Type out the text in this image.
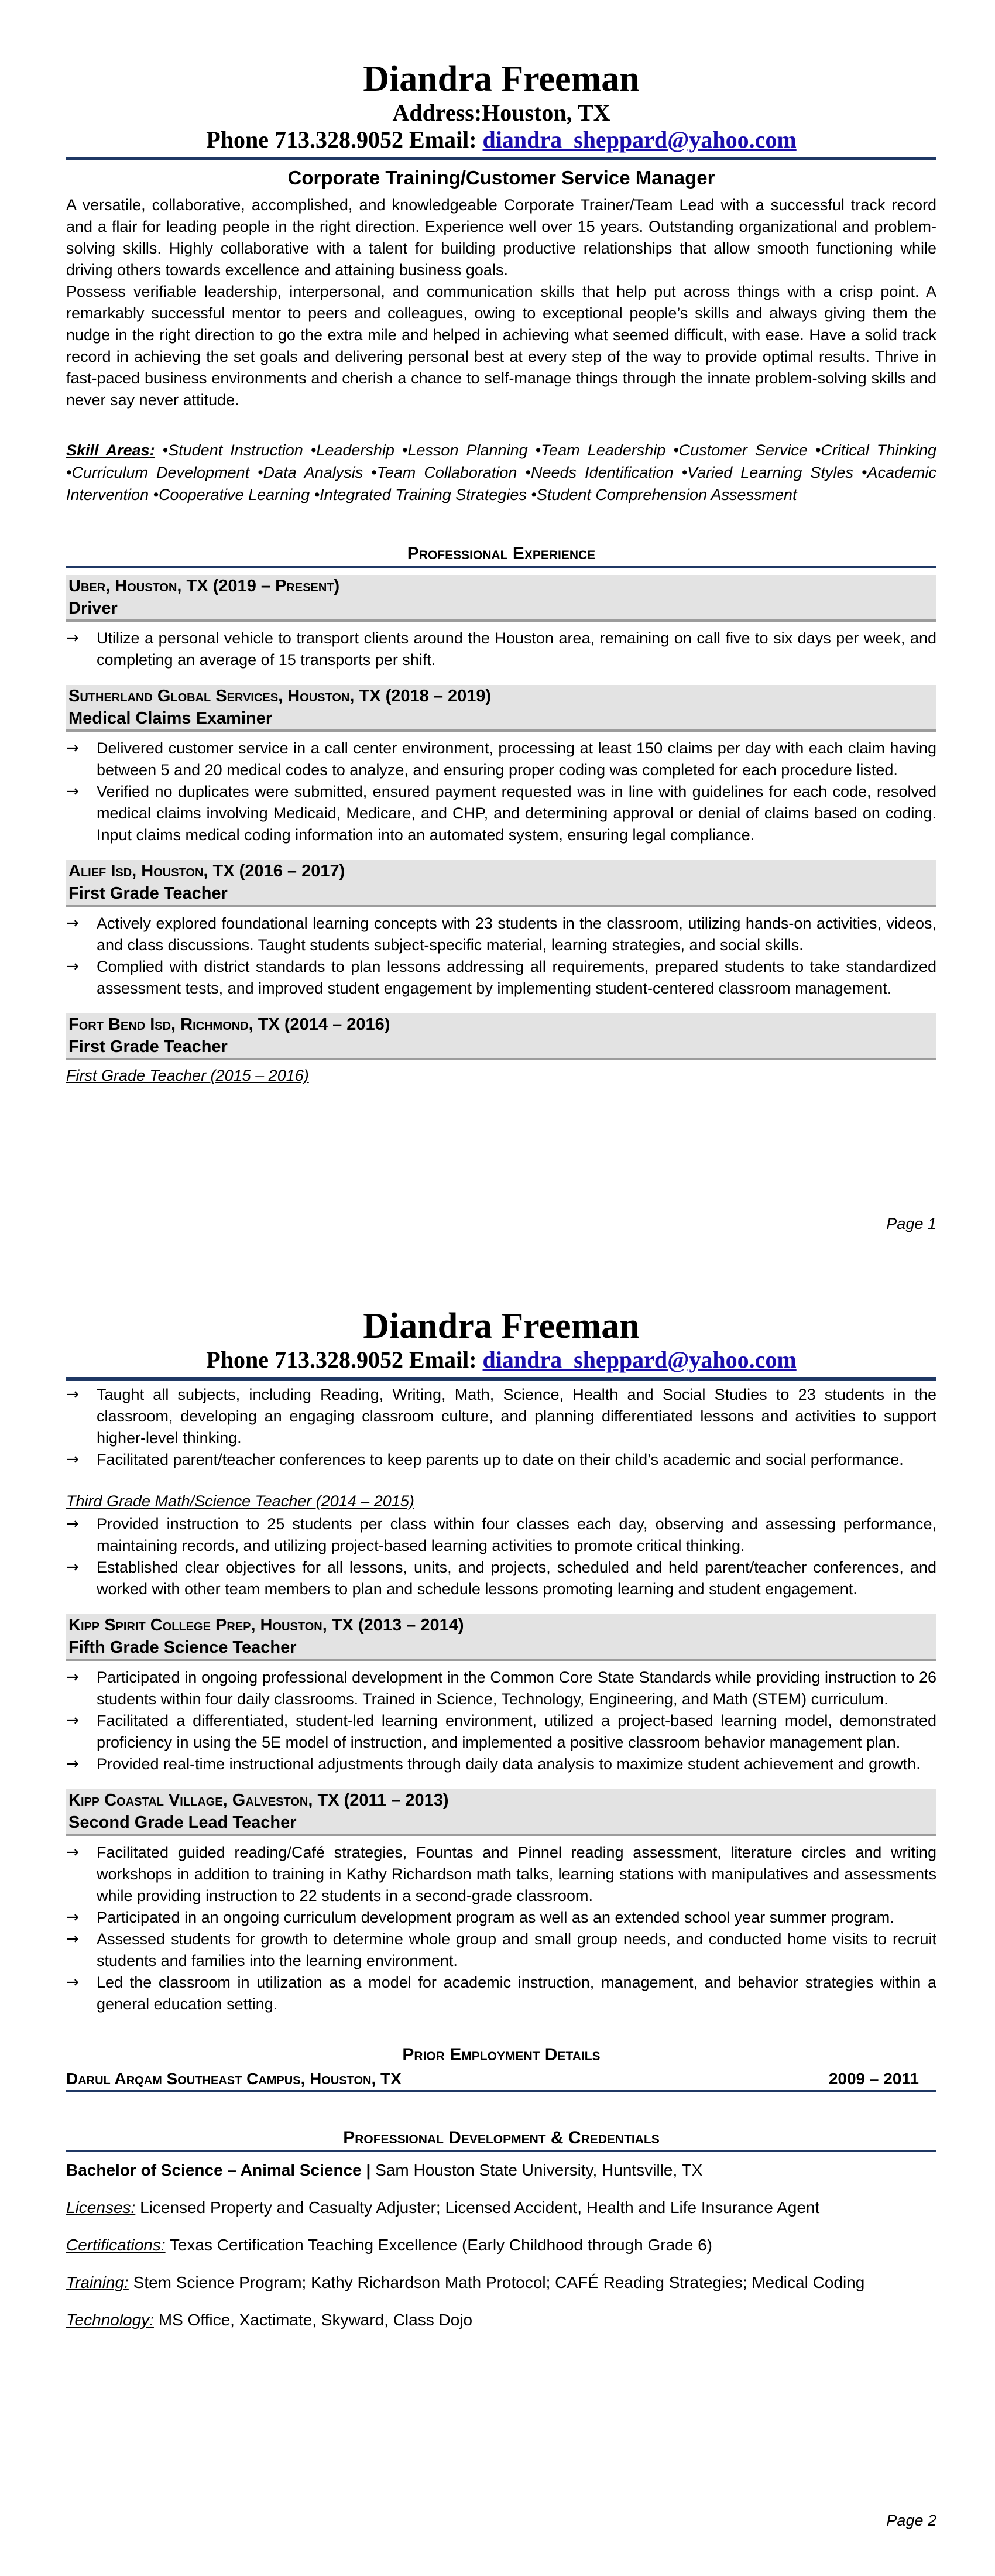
Diandra Freeman
Address:Houston, TX
Phone 713.328.9052 Email: diandra_sheppard@yahoo.com
Corporate Training/Customer Service Manager

A versatile, collaborative, accomplished, and knowledgeable Corporate Trainer/Team Lead with a successful track record and a flair for leading people in the right direction. Experience well over 15 years. Outstanding organizational and problem-solving skills. Highly collaborative with a talent for building productive relationships that allow smooth functioning while driving others towards excellence and attaining business goals.

Possess verifiable leadership, interpersonal, and communication skills that help put across things with a crisp point. A remarkably successful mentor to peers and colleagues, owing to exceptional people’s skills and always giving them the nudge in the right direction to go the extra mile and helped in achieving what seemed difficult, with ease. Have a solid track record in achieving the set goals and delivering personal best at every step of the way to provide optimal results. Thrive in fast-paced business environments and cherish a chance to self-manage things through the innate problem-solving skills and never say never attitude.

Skill Areas: •Student Instruction •Leadership •Lesson Planning •Team Leadership •Customer Service •Critical Thinking •Curriculum Development •Data Analysis •Team Collaboration •Needs Identification •Varied Learning Styles •Academic Intervention •Cooperative Learning •Integrated Training Strategies •Student Comprehension Assessment
Professional Experience
Uber, Houston, TX (2019 – Present)
Driver
→ Utilize a personal vehicle to transport clients around the Houston area, remaining on call five to six days per week, and completing an average of 15 transports per shift.
Sutherland Global Services, Houston, TX (2018 – 2019)
Medical Claims Examiner
→ Delivered customer service in a call center environment, processing at least 150 claims per day with each claim having between 5 and 20 medical codes to analyze, and ensuring proper coding was completed for each procedure listed.
→ Verified no duplicates were submitted, ensured payment requested was in line with guidelines for each code, resolved medical claims involving Medicaid, Medicare, and CHP, and determining approval or denial of claims based on coding. Input claims medical coding information into an automated system, ensuring legal compliance.
Alief Isd, Houston, TX (2016 – 2017)
First Grade Teacher
→ Actively explored foundational learning concepts with 23 students in the classroom, utilizing hands-on activities, videos, and class discussions. Taught students subject-specific material, learning strategies, and social skills.
→ Complied with district standards to plan lessons addressing all requirements, prepared students to take standardized assessment tests, and improved student engagement by implementing student-centered classroom management.
Fort Bend Isd, Richmond, TX (2014 – 2016)
First Grade Teacher
First Grade Teacher (2015 – 2016)
Page 1
Diandra Freeman
Phone 713.328.9052 Email: diandra_sheppard@yahoo.com
→ Taught all subjects, including Reading, Writing, Math, Science, Health and Social Studies to 23 students in the classroom, developing an engaging classroom culture, and planning differentiated lessons and activities to support higher-level thinking.
→ Facilitated parent/teacher conferences to keep parents up to date on their child’s academic and social performance.
Third Grade Math/Science Teacher (2014 – 2015)
→ Provided instruction to 25 students per class within four classes each day, observing and assessing performance, maintaining records, and utilizing project-based learning activities to promote critical thinking.
→ Established clear objectives for all lessons, units, and projects, scheduled and held parent/teacher conferences, and worked with other team members to plan and schedule lessons promoting learning and student engagement.
Kipp Spirit College Prep, Houston, TX (2013 – 2014)
Fifth Grade Science Teacher
→ Participated in ongoing professional development in the Common Core State Standards while providing instruction to 26 students within four daily classrooms. Trained in Science, Technology, Engineering, and Math (STEM) curriculum.
→ Facilitated a differentiated, student-led learning environment, utilized a project-based learning model, demonstrated proficiency in using the 5E model of instruction, and implemented a positive classroom behavior management plan.
→ Provided real-time instructional adjustments through daily data analysis to maximize student achievement and growth.
Kipp Coastal Village, Galveston, TX (2011 – 2013)
Second Grade Lead Teacher
→ Facilitated guided reading/Café strategies, Fountas and Pinnel reading assessment, literature circles and writing workshops in addition to training in Kathy Richardson math talks, learning stations with manipulatives and assessments while providing instruction to 22 students in a second-grade classroom.
→ Participated in an ongoing curriculum development program as well as an extended school year summer program.
→ Assessed students for growth to determine whole group and small group needs, and conducted home visits to recruit students and families into the learning environment.
→ Led the classroom in utilization as a model for academic instruction, management, and behavior strategies within a general education setting.
Prior Employment Details
Darul Arqam Southeast Campus, Houston, TX	2009 – 2011
Professional Development & Credentials

Bachelor of Science – Animal Science | Sam Houston State University, Huntsville, TX

Licenses: Licensed Property and Casualty Adjuster; Licensed Accident, Health and Life Insurance Agent

Certifications: Texas Certification Teaching Excellence (Early Childhood through Grade 6)

Training: Stem Science Program; Kathy Richardson Math Protocol; CAFÉ Reading Strategies; Medical Coding

Technology: MS Office, Xactimate, Skyward, Class Dojo

Page 2
